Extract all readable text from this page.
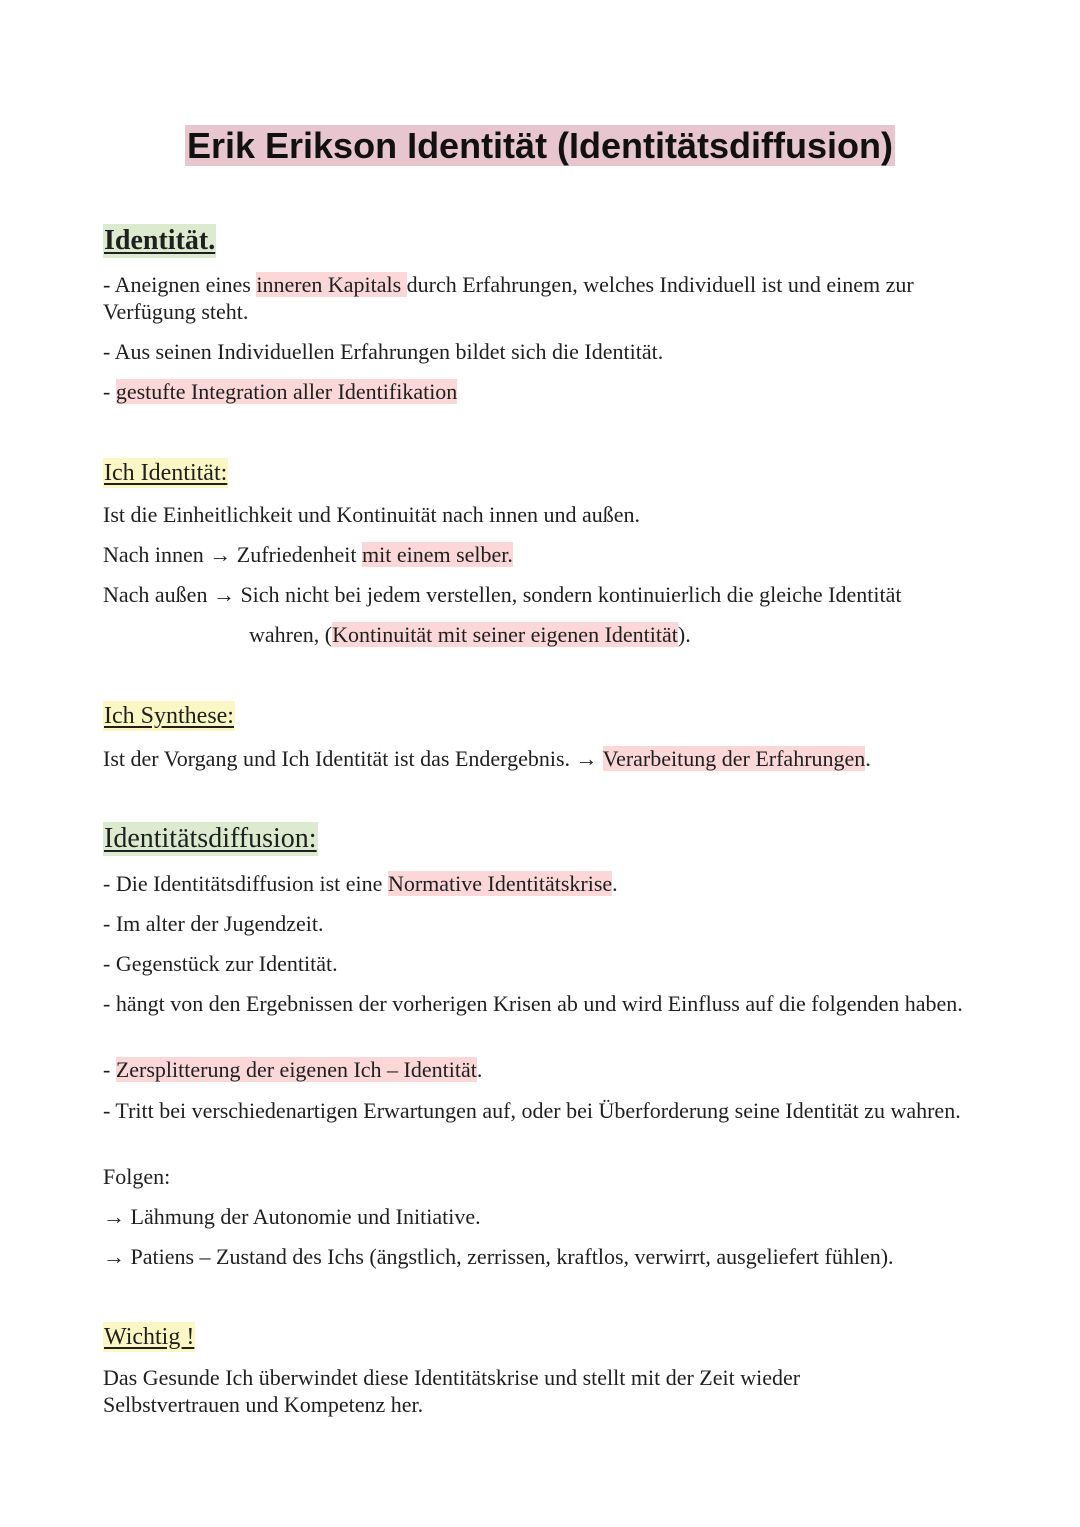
Erik Erikson Identität (Identitätsdiffusion)
Identität.
- Aneignen eines inneren Kapitals durch Erfahrungen, welches Individuell ist und einem zur Verfügung steht.
- Aus seinen Individuellen Erfahrungen bildet sich die Identität.
- gestufte Integration aller Identifikation
Ich Identität:
Ist die Einheitlichkeit und Kontinuität nach innen und außen.
Nach innen → Zufriedenheit mit einem selber.
Nach außen → Sich nicht bei jedem verstellen, sondern kontinuierlich die gleiche Identität
wahren, (Kontinuität mit seiner eigenen Identität).
Ich Synthese:
Ist der Vorgang und Ich Identität ist das Endergebnis. → Verarbeitung der Erfahrungen.
Identitätsdiffusion:
- Die Identitätsdiffusion ist eine Normative Identitätskrise.
- Im alter der Jugendzeit.
- Gegenstück zur Identität.
- hängt von den Ergebnissen der vorherigen Krisen ab und wird Einfluss auf die folgenden haben.
- Zersplitterung der eigenen Ich – Identität.
- Tritt bei verschiedenartigen Erwartungen auf, oder bei Überforderung seine Identität zu wahren.
Folgen:
→ Lähmung der Autonomie und Initiative.
→ Patiens – Zustand des Ichs (ängstlich, zerrissen, kraftlos, verwirrt, ausgeliefert fühlen).
Wichtig !
Das Gesunde Ich überwindet diese Identitätskrise und stellt mit der Zeit wieder Selbstvertrauen und Kompetenz her.
